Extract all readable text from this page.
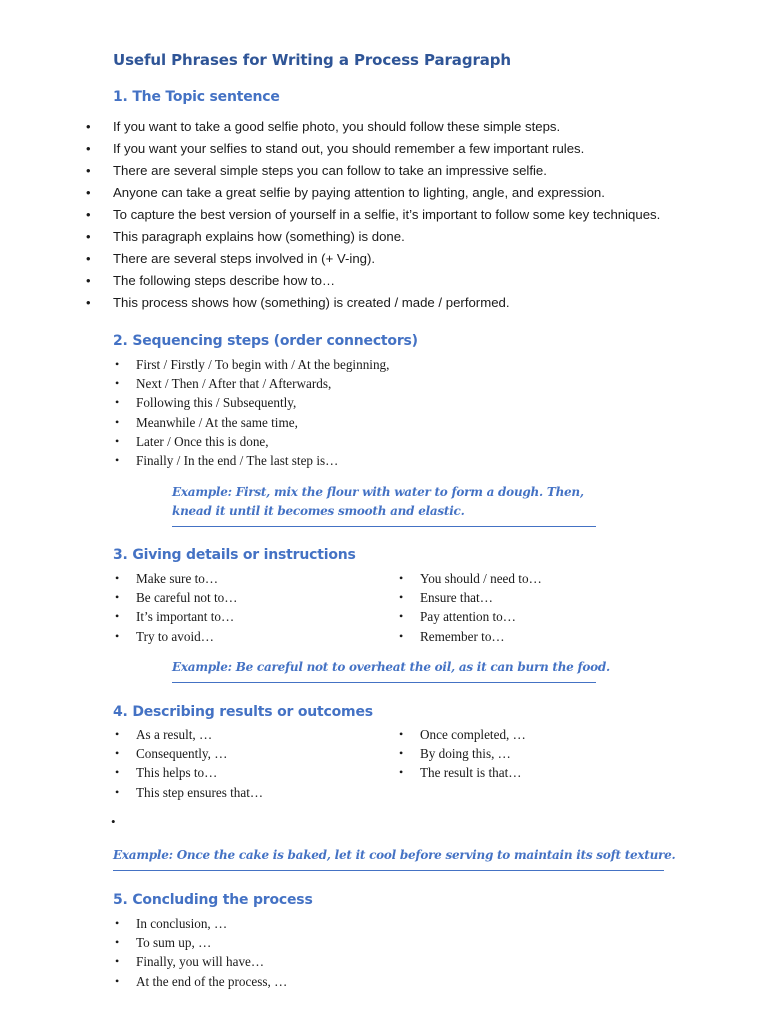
Useful Phrases for Writing a Process Paragraph
1. The Topic sentence
• If you want to take a good selfie photo, you should follow these simple steps.
• If you want your selfies to stand out, you should remember a few important rules.
• There are several simple steps you can follow to take an impressive selfie.
• Anyone can take a great selfie by paying attention to lighting, angle, and expression.
• To capture the best version of yourself in a selfie, it’s important to follow some key techniques.
• This paragraph explains how (something) is done.
• There are several steps involved in (+ V-ing).
• The following steps describe how to…
• This process shows how (something) is created / made / performed.
2. Sequencing steps (order connectors)
• First / Firstly / To begin with / At the beginning,
• Next / Then / After that / Afterwards,
• Following this / Subsequently,
• Meanwhile / At the same time,
• Later / Once this is done,
• Finally / In the end / The last step is…

Example: First, mix the flour with water to form a dough. Then, knead it until it becomes smooth and elastic.

3. Giving details or instructions
• Make sure to…
• Be careful not to…
• It’s important to…
• Try to avoid…
• You should / need to…
• Ensure that…
• Pay attention to…
• Remember to…

Example: Be careful not to overheat the oil, as it can burn the food.

4. Describing results or outcomes
• As a result, …
• Consequently, …
• This helps to…
• This step ensures that…
• Once completed, …
• By doing this, …
• The result is that…
•

Example: Once the cake is baked, let it cool before serving to maintain its soft texture.

5. Concluding the process
• In conclusion, …
• To sum up, …
• Finally, you will have…
• At the end of the process, …
